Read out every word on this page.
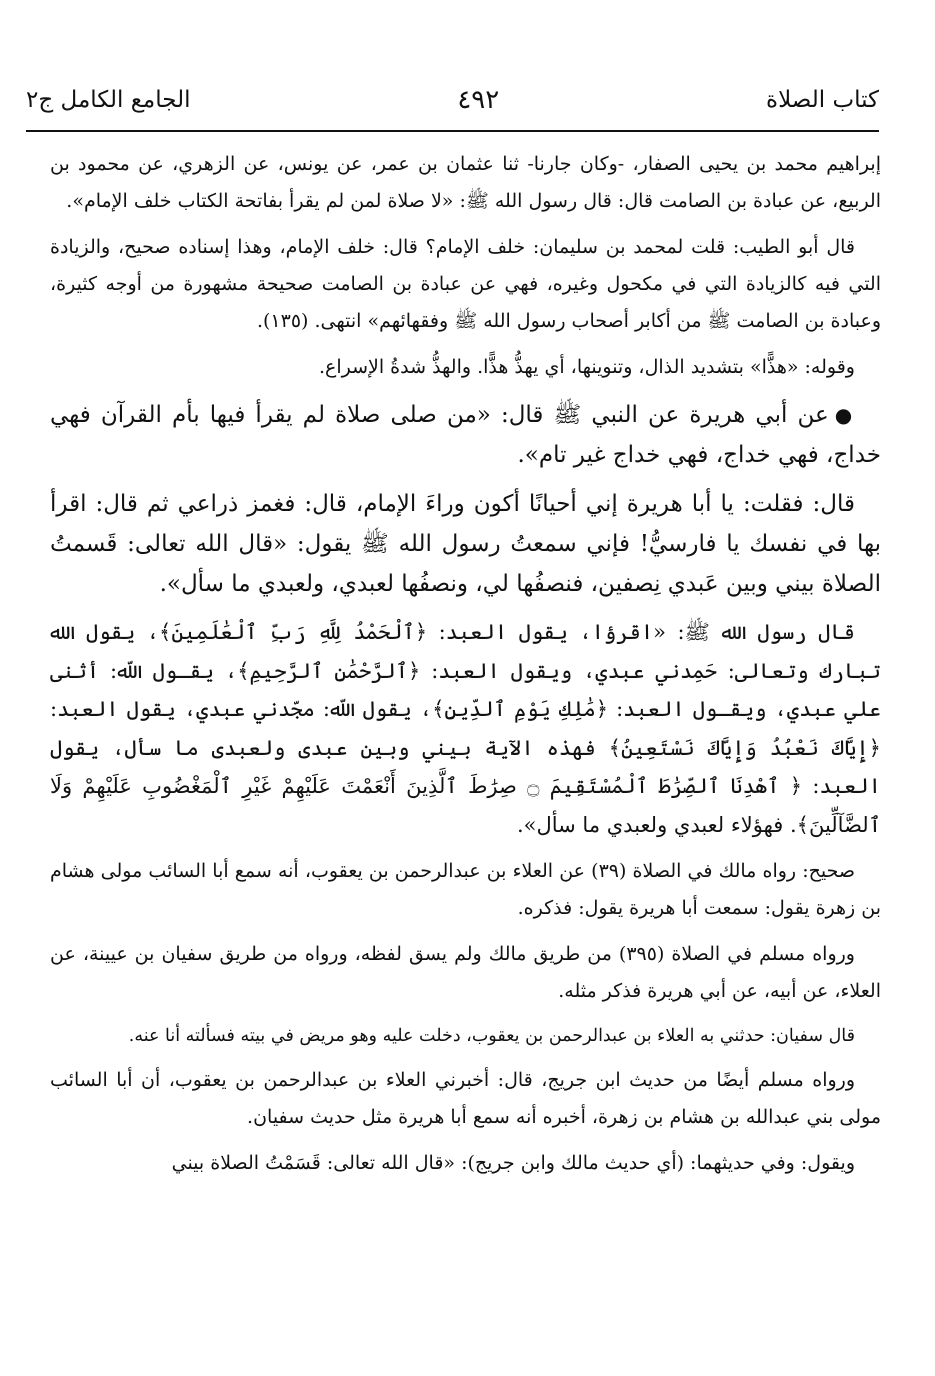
كتاب الصلاة
٤٩٢
الجامع الكامل ج٢

إبراهيم محمد بن يحيى الصفار، -وكان جارنا- ثنا عثمان بن عمر، عن يونس، عن الزهري، عن محمود بن الربيع، عن عبادة بن الصامت قال: قال رسول الله ﷺ: «لا صلاة لمن لم يقرأ بفاتحة الكتاب خلف الإمام».

قال أبو الطيب: قلت لمحمد بن سليمان: خلف الإمام؟ قال: خلف الإمام، وهذا إسناده صحيح، والزيادة التي فيه كالزيادة التي في مكحول وغيره، فهي عن عبادة بن الصامت صحيحة مشهورة من أوجه كثيرة، وعبادة بن الصامت ﷺ من أكابر أصحاب رسول الله ﷺ وفقهائهم» انتهى. (١٣٥).

وقوله: «هذًّا» بتشديد الذال، وتنوينها، أي يهذُّ هذًّا. والهذُّ شدةُ الإسراع.

●عن أبي هريرة عن النبي ﷺ قال: «من صلى صلاة لم يقرأ فيها بأم القرآن فهي خداج، فهي خداج، فهي خداج غير تام».

قال: فقلت: يا أبا هريرة إني أحيانًا أكون وراءَ الإمام، قال: فغمز ذراعي ثم قال: اقرأ بها في نفسك يا فارسيُّ! فإني سمعتُ رسول الله ﷺ يقول: «قال الله تعالى: قَسمتُ الصلاة بيني وبين عَبدي نِصفين، فنصفُها لي، ونصفُها لعبدي، ولعبدي ما سأل».

قال رسول الله ﷺ: «اقرؤا، يقول العبد: ﴿ٱلْحَمْدُ لِلَّهِ رَبِّ ٱلْعَٰلَمِينَ﴾، يقول الله تبارك وتعالى: حَمِدني عبدي، ويقول العبد: ﴿ٱلرَّحْمَٰنِ ٱلرَّحِيمِ﴾، يقـول اللّه: أثنى علي عبدي، ويقـول العبد: ﴿مَٰلِكِ يَوْمِ ٱلدِّينِ﴾، يقول اللّه: مجّدني عبدي، يقول العبد: ﴿إِيَّاكَ نَعْبُدُ وَإِيَّاكَ نَسْتَعِينُ﴾ فهذه الآية بيني وبين عبدى ولعبدى ما سأل، يقول العبد: ﴿ ٱهْدِنَا ٱلصِّرَٰطَ ٱلْمُسْتَقِيمَ ۝ صِرَٰطَ ٱلَّذِينَ أَنْعَمْتَ عَلَيْهِمْ غَيْرِ ٱلْمَغْضُوبِ عَلَيْهِمْ وَلَا ٱلضَّآلِّينَ﴾. فهؤلاء لعبدي ولعبدي ما سأل».

صحيح: رواه مالك في الصلاة (٣٩) عن العلاء بن عبدالرحمن بن يعقوب، أنه سمع أبا السائب مولى هشام بن زهرة يقول: سمعت أبا هريرة يقول: فذكره.

ورواه مسلم في الصلاة (٣٩٥) من طريق مالك ولم يسق لفظه، ورواه من طريق سفيان بن عيينة، عن العلاء، عن أبيه، عن أبي هريرة فذكر مثله.

قال سفيان: حدثني به العلاء بن عبدالرحمن بن يعقوب، دخلت عليه وهو مريض في بيته فسألته أنا عنه.

ورواه مسلم أيضًا من حديث ابن جريج، قال: أخبرني العلاء بن عبدالرحمن بن يعقوب، أن أبا السائب مولى بني عبدالله بن هشام بن زهرة، أخبره أنه سمع أبا هريرة مثل حديث سفيان.

ويقول: وفي حديثهما: (أي حديث مالك وابن جريج): «قال الله تعالى: قَسَمْتُ الصلاة بيني
